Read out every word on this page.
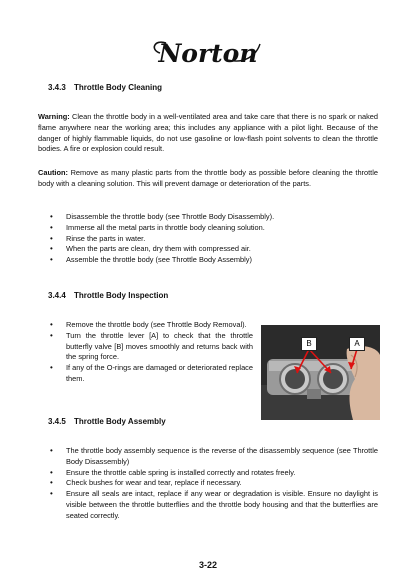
Norton
3.4.3 Throttle Body Cleaning

Warning: Clean the throttle body in a well-ventilated area and take care that there is no spark or naked flame anywhere near the working area; this includes any appliance with a pilot light. Because of the danger of highly flammable liquids, do not use gasoline or low-flash point solvents to clean the throttle bodies. A fire or explosion could result.

Caution: Remove as many plastic parts from the throttle body as possible before cleaning the throttle body with a cleaning solution. This will prevent damage or deterioration of the parts.

• Disassemble the throttle body (see Throttle Body Disassembly).
• Immerse all the metal parts in throttle body cleaning solution.
• Rinse the parts in water.
• When the parts are clean, dry them with compressed air.
• Assemble the throttle body (see Throttle Body Assembly)
3.4.4 Throttle Body Inspection
• Remove the throttle body (see Throttle Body Removal).
• Turn the throttle lever [A] to check that the throttle butterfly valve [B] moves smoothly and returns back with the spring force.
• If any of the O-rings are damaged or deteriorated replace them.
B	A
3.4.5 Throttle Body Assembly
• The throttle body assembly sequence is the reverse of the disassembly sequence (see Throttle Body Disassembly)
• Ensure the throttle cable spring is installed correctly and rotates freely.
• Check bushes for wear and tear, replace if necessary.
• Ensure all seals are intact, replace if any wear or degradation is visible. Ensure no daylight is visible between the throttle butterflies and the throttle body housing and that the butterflies are seated correctly.
3-22
